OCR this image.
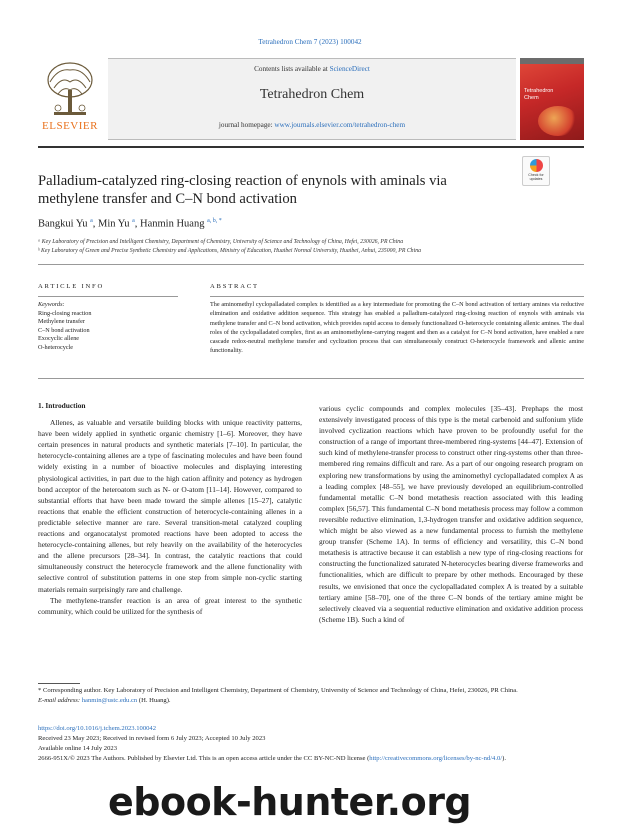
Tetrahedron Chem 7 (2023) 100042
ELSEVIER
Contents lists available at ScienceDirect
Tetrahedron Chem
journal homepage: www.journals.elsevier.com/tetrahedron-chem
Tetrahedron
Chem
Check for updates
Palladium-catalyzed ring-closing reaction of enynols with aminals via methylene transfer and C–N bond activation
Bangkui Yu $^a$, Min Yu $^a$, Hanmin Huang $^{a, b, *}$
ᵃ Key Laboratory of Precision and Intelligent Chemistry, Department of Chemistry, University of Science and Technology of China, Hefei, 230026, PR China
ᵇ Key Laboratory of Green and Precise Synthetic Chemistry and Applications, Ministry of Education, Huaibei Normal University, Huaibei, Anhui, 235000, PR China
ARTICLE INFO	ABSTRACT
Keywords:
Ring-closing reaction
Methylene transfer
C–N bond activation
Exocyclic allene
O-heterocycle
The aminomethyl cyclopalladated complex is identified as a key intermediate for promoting the C–N bond activation of tertiary amines via reductive elimination and oxidative addition sequence. This strategy has enabled a palladium-catalyzed ring-closing reaction of enynols with aminals via methylene transfer and C–N bond activation, which provides rapid access to densely functionalized O-heterocycle containing allenic amines. The dual roles of the cyclopalladated complex, first as an aminomethylene-carrying reagent and then as a catalyst for C–N bond activation, have enabled a rare cascade redox-neutral methylene transfer and cyclization process that can simultaneously construct O-heterocycle framework and allenic amine functionality.
1. Introduction

Allenes, as valuable and versatile building blocks with unique reactivity patterns, have been widely applied in synthetic organic chemistry [1–6]. Moreover, they have certain presences in natural products and synthetic materials [7–10]. In particular, the heterocycle-containing allenes are a type of fascinating molecules and have been found widely existing in a number of bioactive molecules and displaying interesting physiological activities, in part due to the high cation affinity and potency as hydrogen bond acceptor of the heteroatom such as N- or O-atom [11–14]. However, compared to substantial efforts that have been made toward the simple allenes [15–27], catalytic reactions that enable the efficient construction of heterocycle-containing allenes in a predictable selective manner are rare. Several transition-metal catalyzed coupling reactions and organocatalyst promoted reactions have been adopted to access the heterocycle-containing allenes, but rely heavily on the availability of the heterocycles and the allene precursors [28–34]. In contrast, the catalytic reactions that could simultaneously construct the heterocycle framework and the allene functionality with selective control of substitution patterns in one step from simple non-cyclic starting materials remain surprisingly rare and challenge.

The methylene-transfer reaction is an area of great interest to the synthetic community, which could be utilized for the synthesis of

various cyclic compounds and complex molecules [35–43]. Prephaps the most extensively investigated process of this type is the metal carbenoid and sulfonium ylide involved cyclization reactions which have proven to be profoundly useful for the construction of a range of important three-membered ring-systems [44–47]. Extension of such kind of methylene-transfer process to construct other ring-systems other than three-membered ring remains difficult and rare. As a part of our ongoing research program on exploring new transformations by using the aminomethyl cyclopalladated complex A as a leading complex [48–55], we have previously developed an equilibrium-controlled fundamental metallic C–N bond metathesis reaction associated with this leading complex [56,57]. This fundamental C–N bond metathesis process may follow a common reversible reductive elimination, 1,3-hydrogen transfer and oxidative addition sequence, which might be also viewed as a new fundamental process to furnish the methylene group transfer (Scheme 1A). In terms of efficiency and versatility, this C–N bond metathesis is attractive because it can establish a new type of ring-closing reactions for constructing the functionalized saturated N-heterocycles bearing diverse frameworks and functionalities, which are difficult to prepare by other methods. Encouraged by these results, we envisioned that once the cyclopalladated complex A is treated by a suitable tertiary amine [58–70], one of the three C–N bonds of the tertiary amine might be selectively cleaved via a sequential reductive elimination and oxidative addition process (Scheme 1B). Such a kind of

* Corresponding author. Key Laboratory of Precision and Intelligent Chemistry, Department of Chemistry, University of Science and Technology of China, Hefei, 230026, PR China.
E-mail address: hanmin@ustc.edu.cn (H. Huang).
https://doi.org/10.1016/j.tchem.2023.100042
Received 23 May 2023; Received in revised form 6 July 2023; Accepted 10 July 2023
Available online 14 July 2023
2666-951X/© 2023 The Authors. Published by Elsevier Ltd. This is an open access article under the CC BY-NC-ND license (http://creativecommons.org/licenses/by-nc-nd/4.0/).
ebook-hunter.org
